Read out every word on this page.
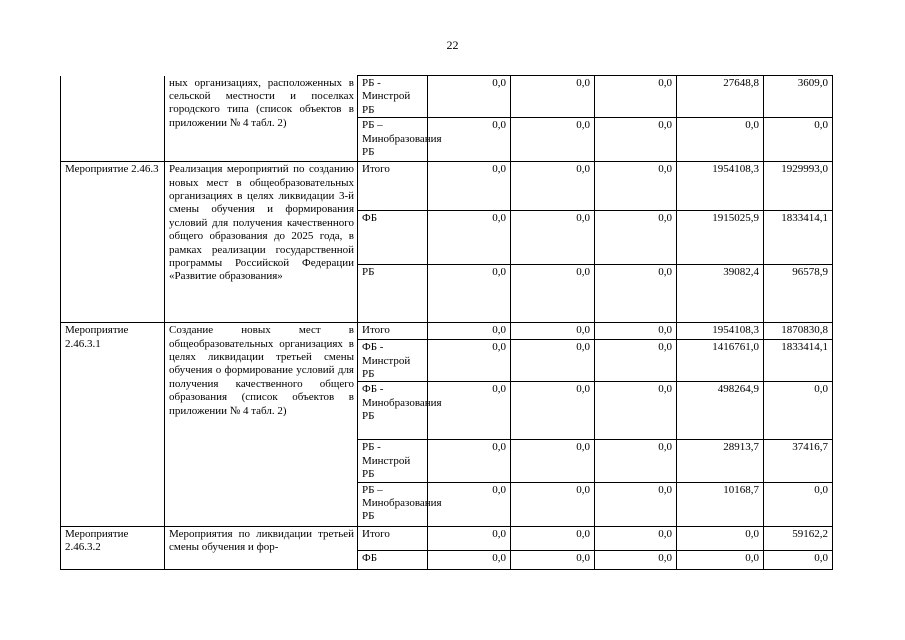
22
	ных организациях, расположенных в сельской местности и поселках городского типа (список объектов в приложении № 4 табл. 2)	РБ - Минстрой РБ	0,0	0,0	0,0	27648,8	3609,0
		РБ – Минобразования РБ	0,0	0,0	0,0	0,0	0,0
Мероприятие 2.46.3	Реализация мероприятий по созданию новых мест в общеобразовательных организациях в целях ликвидации 3-й смены обучения и формирования условий для получения качественного общего образования до 2025 года, в рамках реализации государственной программы Российской Федерации «Развитие образования»	Итого	0,0	0,0	0,0	1954108,3	1929993,0
		ФБ	0,0	0,0	0,0	1915025,9	1833414,1
		РБ	0,0	0,0	0,0	39082,4	96578,9
Мероприятие 2.46.3.1	Создание новых мест в общеобразовательных организациях в целях ликвидации третьей смены обучения о формирование условий для получения качественного общего образования (список объектов в приложении № 4 табл. 2)	Итого	0,0	0,0	0,0	1954108,3	1870830,8
		ФБ - Минстрой РБ	0,0	0,0	0,0	1416761,0	1833414,1
		ФБ - Минобразования РБ	0,0	0,0	0,0	498264,9	0,0
		РБ - Минстрой РБ	0,0	0,0	0,0	28913,7	37416,7
		РБ – Минобразования РБ	0,0	0,0	0,0	10168,7	0,0
Мероприятие 2.46.3.2	Мероприятия по ликвидации третьей смены обучения и фор-	Итого	0,0	0,0	0,0	0,0	59162,2
		ФБ	0,0	0,0	0,0	0,0	0,0
